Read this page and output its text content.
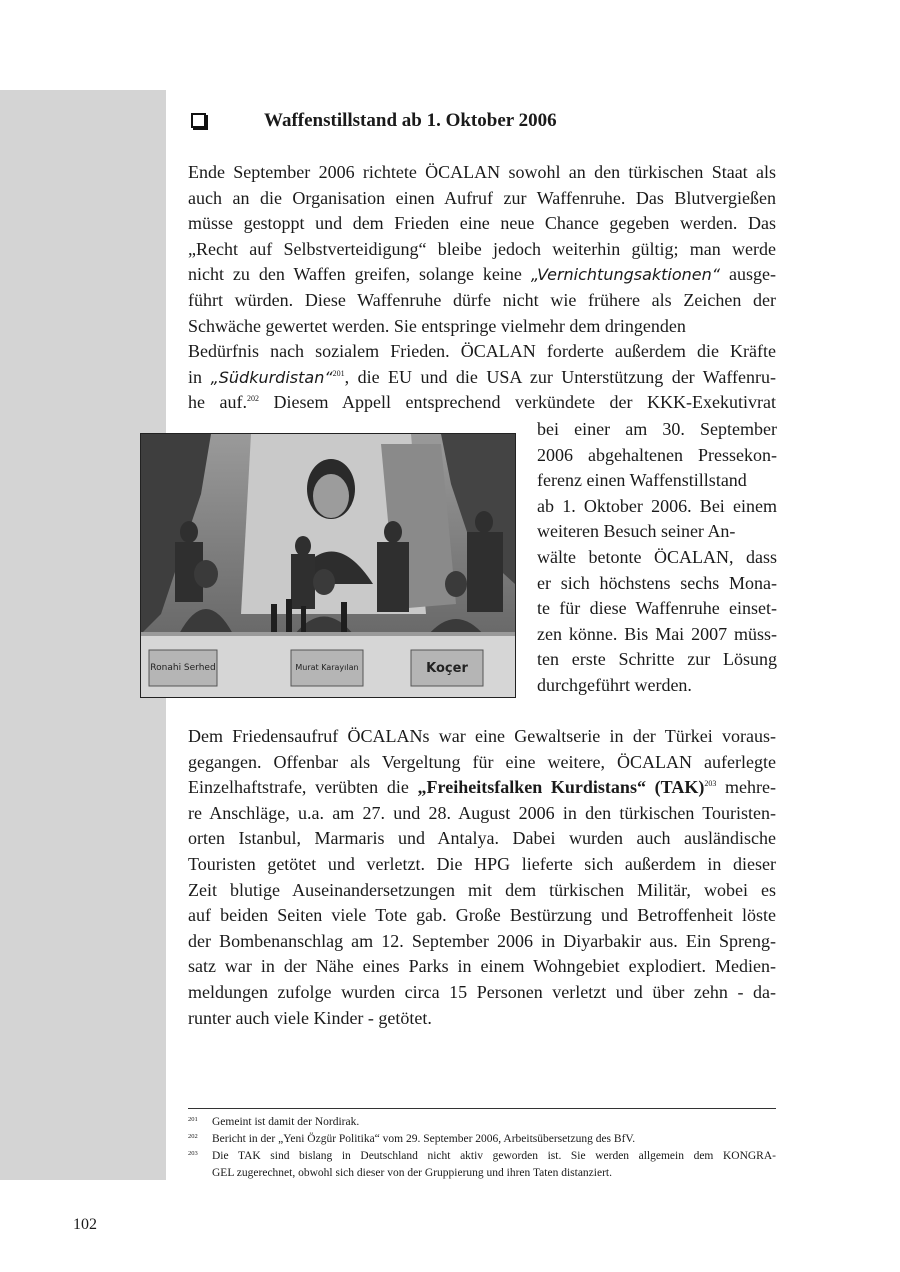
Waffenstillstand ab 1. Oktober 2006

Ende September 2006 richtete ÖCALAN sowohl an den türkischen Staat als
auch an die Organisation einen Aufruf zur Waffenruhe. Das Blutvergießen
müsse gestoppt und dem Frieden eine neue Chance gegeben werden. Das
„Recht auf Selbstverteidigung“ bleibe jedoch weiterhin gültig; man werde
nicht zu den Waffen greifen, solange keine „Vernichtungsaktionen“ ausge-
führt würden. Diese Waffenruhe dürfe nicht wie frühere als Zeichen der
Schwäche gewertet werden. Sie entspringe vielmehr dem dringenden
Bedürfnis nach sozialem Frieden. ÖCALAN forderte außerdem die Kräfte
in „Südkurdistan“$^{201}$, die EU und die USA zur Unterstützung der Waffenru-
he auf.$^{202}$ Diesem Appell entsprechend verkündete der KKK-Exekutivrat

bei einer am 30. September
2006 abgehaltenen Pressekon-
ferenz einen Waffenstillstand
ab 1. Oktober 2006. Bei einem
weiteren Besuch seiner An-
wälte betonte ÖCALAN, dass
er sich höchstens sechs Mona-
te für diese Waffenruhe einset-
zen könne. Bis Mai 2007 müss-
ten erste Schritte zur Lösung
durchgeführt werden.

Ronahi Serhed	Murat Karayılan	Koçer

Dem Friedensaufruf ÖCALANs war eine Gewaltserie in der Türkei voraus-
gegangen. Offenbar als Vergeltung für eine weitere, ÖCALAN auferlegte
Einzelhaftstrafe, verübten die „Freiheitsfalken Kurdistans“ (TAK)$^{203}$ mehre-
re Anschläge, u.a. am 27. und 28. August 2006 in den türkischen Touristen-
orten Istanbul, Marmaris und Antalya. Dabei wurden auch ausländische
Touristen getötet und verletzt. Die HPG lieferte sich außerdem in dieser
Zeit blutige Auseinandersetzungen mit dem türkischen Militär, wobei es
auf beiden Seiten viele Tote gab. Große Bestürzung und Betroffenheit löste
der Bombenanschlag am 12. September 2006 in Diyarbakir aus. Ein Spreng-
satz war in der Nähe eines Parks in einem Wohngebiet explodiert. Medien-
meldungen zufolge wurden circa 15 Personen verletzt und über zehn - da-
runter auch viele Kinder - getötet.

201 Gemeint ist damit der Nordirak.
202 Bericht in der „Yeni Özgür Politika“ vom 29. September 2006, Arbeitsübersetzung des BfV.
203 Die TAK sind bislang in Deutschland nicht aktiv geworden ist. Sie werden allgemein dem KONGRA-
GEL zugerechnet, obwohl sich dieser von der Gruppierung und ihren Taten distanziert.
102
